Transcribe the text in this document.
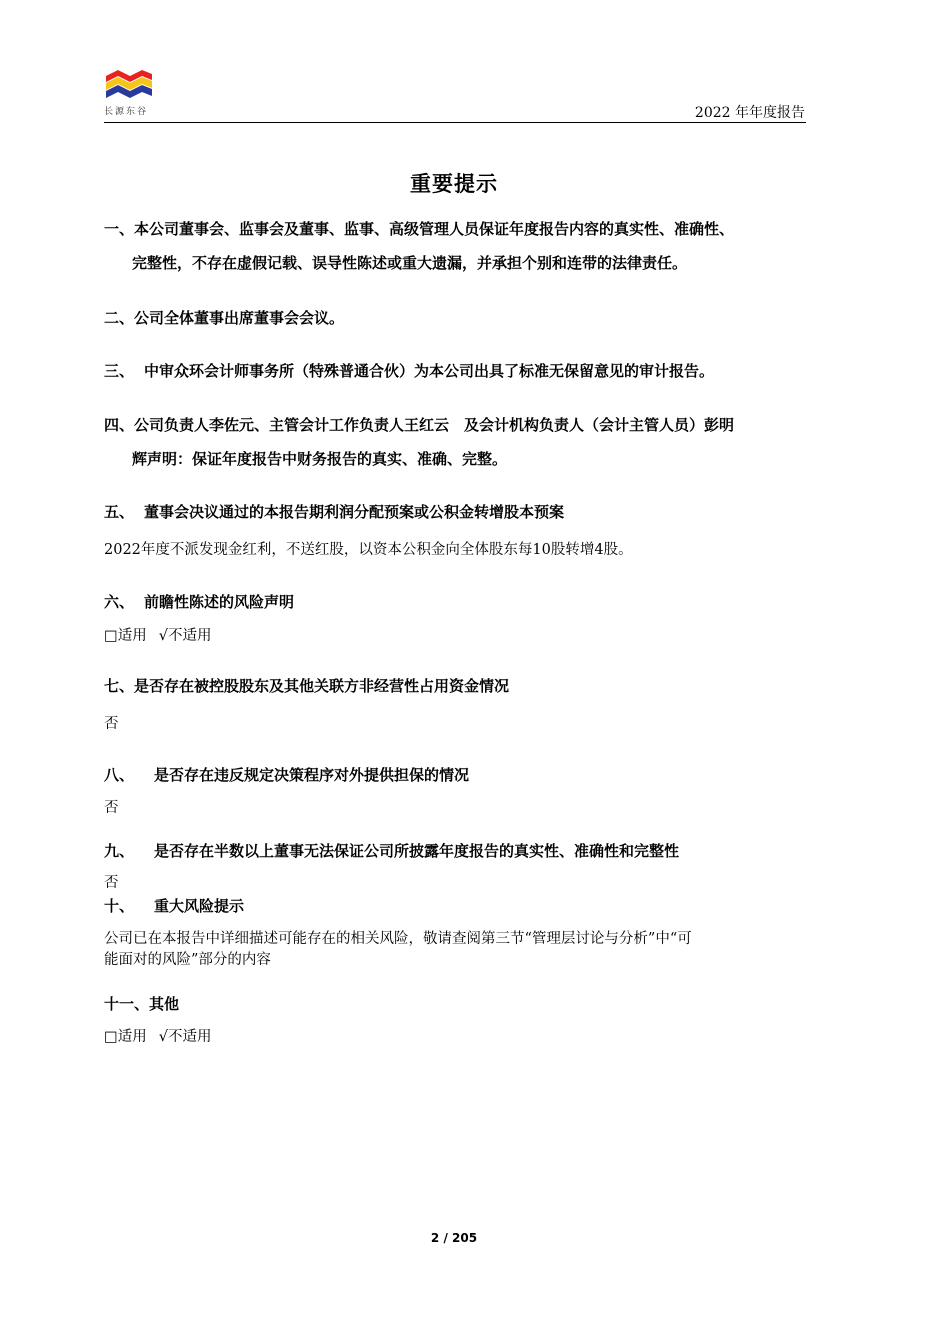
长源东谷	2022 年年度报告
重要提示
一、本公司董事会、监事会及董事、监事、高级管理人员保证年度报告内容的真实性、准确性、
完整性，不存在虚假记载、误导性陈述或重大遗漏，并承担个别和连带的法律责任。
二、公司全体董事出席董事会会议。
三、 中审众环会计师事务所（特殊普通合伙）为本公司出具了标准无保留意见的审计报告。
四、公司负责人李佐元、主管会计工作负责人王红云　及会计机构负责人（会计主管人员）彭明
辉声明：保证年度报告中财务报告的真实、准确、完整。
五、 董事会决议通过的本报告期利润分配预案或公积金转增股本预案
2022年度不派发现金红利，不送红股，以资本公积金向全体股东每10股转增4股。
六、 前瞻性陈述的风险声明
□适用 √不适用
七、是否存在被控股股东及其他关联方非经营性占用资金情况
否
八、 是否存在违反规定决策程序对外提供担保的情况
否
九、 是否存在半数以上董事无法保证公司所披露年度报告的真实性、准确性和完整性
否
十、 重大风险提示
公司已在本报告中详细描述可能存在的相关风险，敬请查阅第三节“管理层讨论与分析”中“可
能面对的风险”部分的内容
十一、其他
□适用 √不适用
2 / 205
